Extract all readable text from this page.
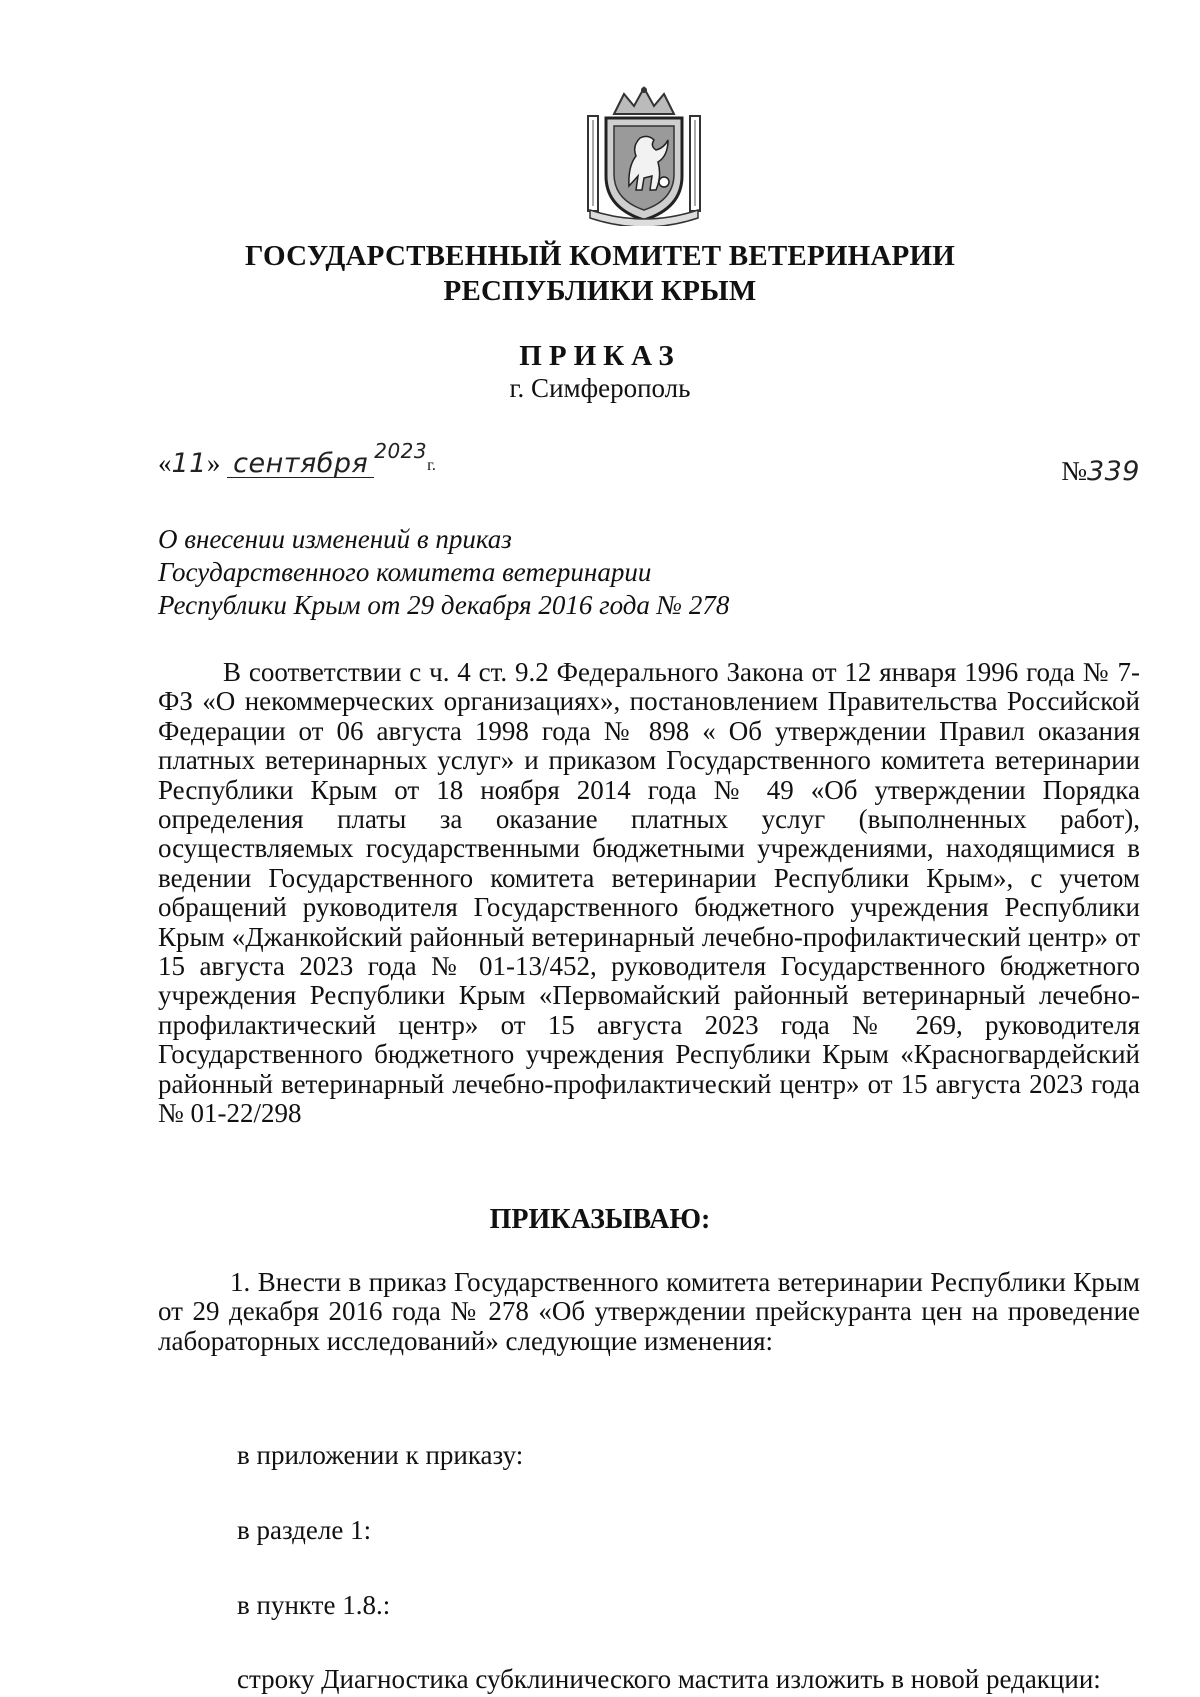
ГОСУДАРСТВЕННЫЙ КОМИТЕТ ВЕТЕРИНАРИИ
РЕСПУБЛИКИ КРЫМ
ПРИКАЗ
г. Симферополь
«11» сентября $^{2023}$г.	№339
О внесении изменений в приказ
Государственного комитета ветеринарии
Республики Крым от 29 декабря 2016 года № 278
В соответствии с ч. 4 ст. 9.2 Федерального Закона от 12 января 1996 года № 7-ФЗ «О некоммерческих организациях», постановлением Правительства Российской Федерации от 06 августа 1998 года № 898 « Об утверждении Правил оказания платных ветеринарных услуг» и приказом Государственного комитета ветеринарии Республики Крым от 18 ноября 2014 года № 49 «Об утверждении Порядка определения платы за оказание платных услуг (выполненных работ), осуществляемых государственными бюджетными учреждениями, находящимися в ведении Государственного комитета ветеринарии Республики Крым», с учетом обращений руководителя Государственного бюджетного учреждения Республики Крым «Джанкойский районный ветеринарный лечебно-профилактический центр» от 15 августа 2023 года № 01-13/452, руководителя Государственного бюджетного учреждения Республики Крым «Первомайский районный ветеринарный лечебно-профилактический центр» от 15 августа 2023 года № 269, руководителя Государственного бюджетного учреждения Республики Крым «Красногвардейский районный ветеринарный лечебно-профилактический центр» от 15 августа 2023 года № 01-22/298
ПРИКАЗЫВАЮ:
1. Внести в приказ Государственного комитета ветеринарии Республики Крым от 29 декабря 2016 года № 278 «Об утверждении прейскуранта цен на проведение лабораторных исследований» следующие изменения:
в приложении к приказу:
в разделе 1:
в пункте 1.8.:
строку Диагностика субклинического мастита изложить в новой редакции:
